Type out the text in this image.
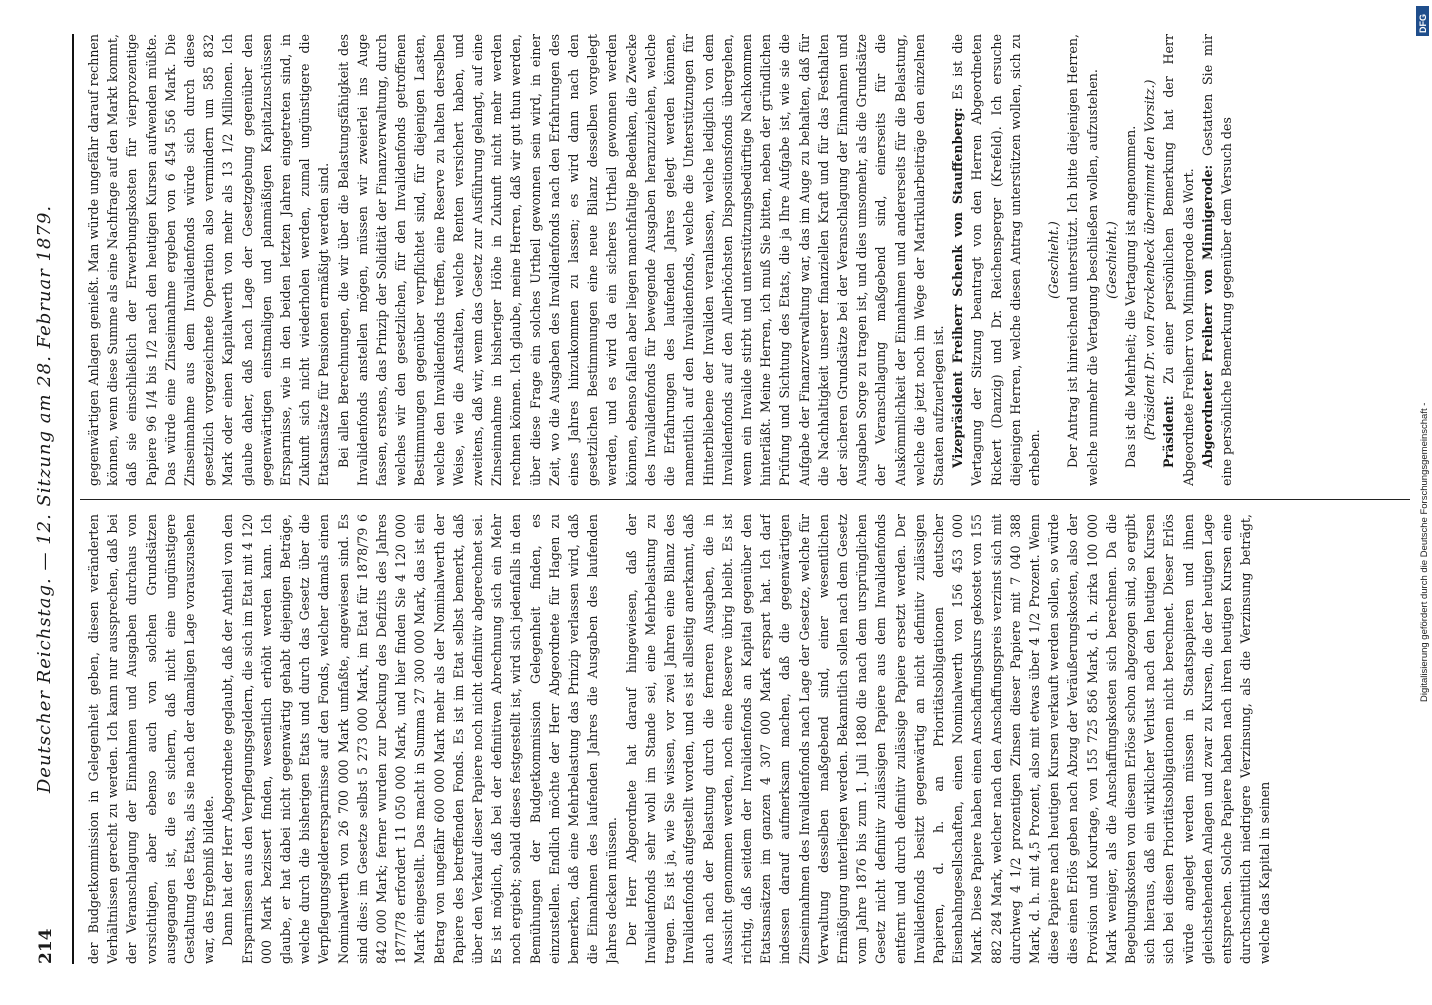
214
Deutscher Reichstag. — 12. Sitzung am 28. Februar 1879. der Budgetkommission in Gelegenheit geben, diesen veränderten Verhältnissen gerecht zu werden. Ich kann nur aussprechen, daß bei der Veranschlagung der Einnahmen und Ausgaben durchaus von vorsichtigen, aber ebenso auch von solchen Grundsätzen ausgegangen ist, die es sichern, daß nicht eine ungünstigere Gestaltung des Etats, als sie nach der damaligen Lage vorauszusehen war, das Ergebniß bildete. Dann hat der Herr Abgeordnete geglaubt, daß der Antheil von den Ersparnissen aus den Verpflegungsgeldern, die sich im Etat mit 4 120 000 Mark bezissert finden, wesentlich erhöht werden kann. Ich glaube, er hat dabei nicht gegenwärtig gehabt diejenigen Beträge, welche durch die bisherigen Etats und durch das Gesetz über die Verpflegungsgelderersparnisse auf den Fonds, welcher damals einen Nominalwerth von 26 700 000 Mark umfaßte, angewiesen sind. Es sind dies: im Gesetze selbst 5 273 000 Mark, im Etat für 1878/79 6 842 000 Mark; ferner wurden zur Deckung des Defizits des Jahres 1877/78 erfordert 11 050 000 Mark, und hier finden Sie 4 120 000 Mark eingestellt. Das macht in Summa 27 300 000 Mark, das ist ein Betrag von ungefähr 600 000 Mark mehr als der Nominalwerth der Papiere des betreffenden Fonds. Es ist im Etat selbst bemerkt, daß über den Verkauf dieser Papiere noch nicht definitiv abgerechnet sei. Es ist möglich, daß bei der definitiven Abrechnung sich ein Mehr noch ergiebt; sobald dieses festgestellt ist, wird sich jedenfalls in den Bemühungen der Budgetkommission Gelegenheit finden, es einzustellen. Endlich möchte der Herr Abgeordnete für Hagen zu bemerken, daß eine Mehrbelastung das Prinzip verlassen wird, daß die Einnahmen des laufenden Jahres die Ausgaben des laufenden Jahres decken müssen. Der Herr Abgeordnete hat darauf hingewiesen, daß der Invalidenfonds sehr wohl im Stande sei, eine Mehrbelastung zu tragen. Es ist ja, wie Sie wissen, vor zwei Jahren eine Bilanz des Invalidenfonds aufgestellt worden, und es ist allseitig anerkannt, daß auch nach der Belastung durch die ferneren Ausgaben, die in Aussicht genommen werden, noch eine Reserve übrig bleibt. Es ist richtig, daß seitdem der Invalidenfonds an Kapital gegenüber den Etatsansätzen im ganzen 4 307 000 Mark erspart hat. Ich darf indessen darauf aufmerksam machen, daß die gegenwärtigen Zinseinnahmen des Invalidenfonds nach Lage der Gesetze, welche für Verwaltung desselben maßgebend sind, einer wesentlichen Ermäßigung unterliegen werden. Bekanntlich sollen nach dem Gesetz vom Jahre 1876 bis zum 1. Juli 1880 die nach dem ursprünglichen Gesetz nicht definitiv zulässigen Papiere aus dem Invalidenfonds entfernt und durch definitiv zulässige Papiere ersetzt werden. Der Invalidenfonds besitzt gegenwärtig an nicht definitiv zulässigen Papieren, d. h. an Prioritätsobligationen deutscher Eisenbahngesellschaften, einen Nominalwerth von 156 453 000 Mark. Diese Papiere haben einen Anschaffungskurs gekostet von 155 882 284 Mark, welcher nach den Anschaffungspreis verzinst sich mit durchweg 4 1/2 prozentigen Zinsen dieser Papiere mit 7 040 388 Mark, d. h. mit 4,5 Prozent, also mit etwas über 4 1/2 Prozent. Wenn diese Papiere nach heutigen Kursen verkauft werden sollen, so würde dies einen Erlös geben nach Abzug der Veräußerungskosten, also der Provision und Kourtage, von 155 725 856 Mark, d. h. zirka 100 000 Mark weniger, als die Anschaffungskosten sich berechnen. Da die Begebungskosten von diesem Erlöse schon abgezogen sind, so ergibt sich hieraus, daß ein wirklicher Verlust nach den heutigen Kursen sich bei diesen Prioritätsobligationen nicht berechnet. Dieser Erlös würde angelegt werden müssen in Staatspapieren und ihnen gleichstehenden Anlagen und zwar zu Kursen, die der heutigen Lage entsprechen. Solche Papiere haben nach ihren heutigen Kursen eine durchschnittlich niedrigere Verzinsung, als die Verzinsung beträgt, welche das Kapital in seinen

gegenwärtigen Anlagen genießt. Man würde ungefähr darauf rechnen können, wenn diese Summe als eine Nachfrage auf den Markt kommt, daß sie einschließlich der Erwerbungskosten für vierprozentige Papiere 96 1/4 bis 1/2 nach den heutigen Kursen aufwenden müßte. Das würde eine Zinseinnahme ergeben von 6 454 556 Mark. Die Zinseinnahme aus dem Invalidenfonds würde sich durch diese gesetzlich vorgezeichnete Operation also vermindern um 585 832 Mark oder einen Kapitalwerth von mehr als 13 1/2 Millionen. Ich glaube daher, daß nach Lage der Gesetzgebung gegenüber den gegenwärtigen einstmaligen und planmäßigen Kapitalzuschüssen Ersparnisse, wie in den beiden letzten Jahren eingetreten sind, in Zukunft sich nicht wiederholen werden, zumal ungünstigere die Etatsansätze für Pensionen ermäßigt werden sind. Bei allen Berechnungen, die wir über die Belastungsfähigkeit des Invalidenfonds anstellen mögen, müssen wir zweierlei ins Auge fassen, erstens, das Prinzip der Solidität der Finanzverwaltung, durch welches wir den gesetzlichen, für den Invalidenfonds getroffenen Bestimmungen gegenüber verpflichtet sind, für diejenigen Lasten, welche den Invalidenfonds treffen, eine Reserve zu halten derselben Weise, wie die Anstalten, welche Renten versichert haben, und zweitens, daß wir, wenn das Gesetz zur Ausführung gelangt, auf eine Zinseinnahme in bisheriger Höhe in Zukunft nicht mehr werden rechnen können. Ich glaube, meine Herren, daß wir gut thun werden, über diese Frage ein solches Urtheil gewonnen sein wird, in einer Zeit, wo die Ausgaben des Invalidenfonds nach den Erfahrungen des eines Jahres hinzukommen zu lassen; es wird dann nach den gesetzlichen Bestimmungen eine neue Bilanz desselben vorgelegt werden, und es wird da ein sicheres Urtheil gewonnen werden können, ebenso fallen aber liegen manchfaltige Bedenken, die Zwecke des Invalidenfonds für bewegende Ausgaben heranzuziehen, welche die Erfahrungen des laufenden Jahres gelegt werden können, namentlich auf den Invalidenfonds, welche die Unterstützungen für Hinterbliebene der Invaliden veranlassen, welche lediglich von dem Invalidenfonds auf den Allerhöchsten Dispositionsfonds übergehen, wenn ein Invalide stirbt und unterstützungsbedürftige Nachkommen hinterläßt. Meine Herren, ich muß Sie bitten, neben der gründlichen Prüfung und Sichtung des Etats, die ja Ihre Aufgabe ist, wie sie die Aufgabe der Finanzverwaltung war, das im Auge zu behalten, daß für die Nachhaltigkeit unserer finanziellen Kraft und für das Festhalten der sicheren Grundsätze bei der Veranschlagung der Einnahmen und Ausgaben Sorge zu tragen ist, und dies umsomehr, als die Grundsätze der Veranschlagung maßgebend sind, einerseits für die Auskömmlichkeit der Einnahmen und andererseits für die Belastung, welche die jetzt noch im Wege der Matrikularbeiträge den einzelnen Staaten aufzuerlegen ist. Vizepräsident Freiherr Schenk von Stauffenberg: Es ist die Vertagung der Sitzung beantragt von den Herren Abgeordneten Rickert (Danzig) und Dr. Reichensperger (Krefeld). Ich ersuche diejenigen Herren, welche diesen Antrag unterstützen wollen, sich zu erheben.

(Geschieht.) Der Antrag ist hinreichend unterstützt. Ich bitte diejenigen Herren, welche nunmehr die Vertagung beschließen wollen, aufzustehen. (Geschieht.) Das ist die Mehrheit; die Vertagung ist angenommen. (Präsident Dr. von Forckenbeck übernimmt den Vorsitz.) Präsident: Zu einer persönlichen Bemerkung hat der Herr Abgeordnete Freiherr von Minnigerode das Wort. Abgeordneter Freiherr von Minnigerode: Gestatten Sie mir eine persönliche Bemerkung gegenüber dem Versuch des

DFG
Digitalisierung gefördert durch die Deutsche Forschungsgemeinschaft -
